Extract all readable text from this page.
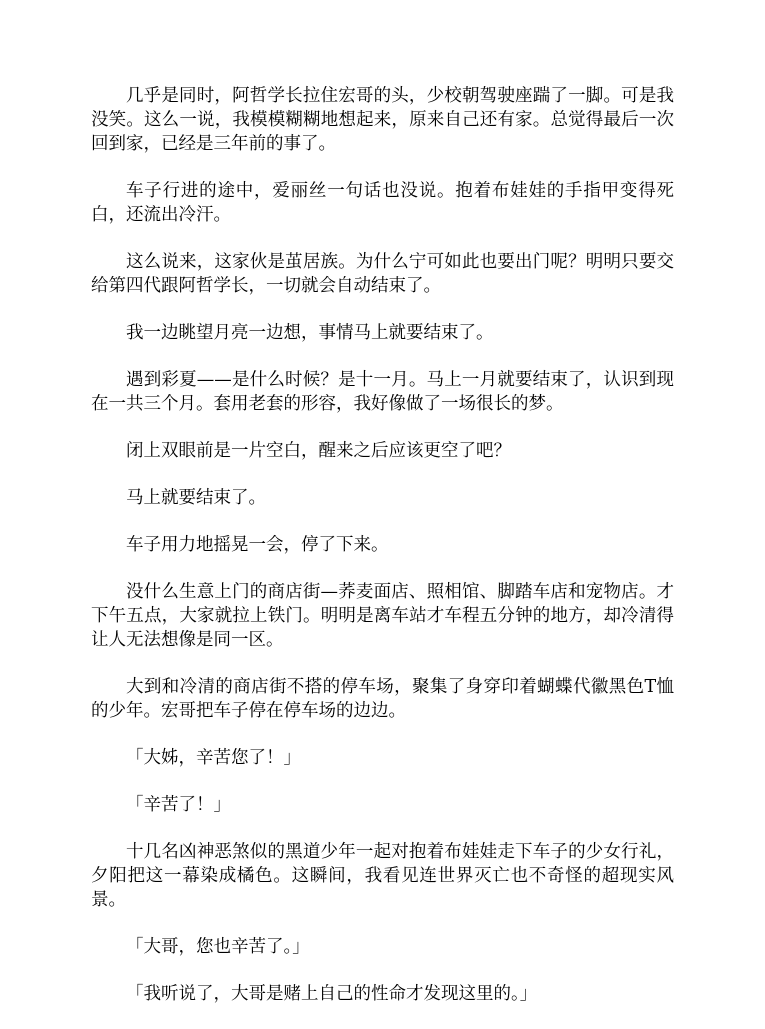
几乎是同时，阿哲学长拉住宏哥的头，少校朝驾驶座踹了一脚。可是我没笑。这么一说，我模模糊糊地想起来，原来自己还有家。总觉得最后一次回到家，已经是三年前的事了。

车子行进的途中，爱丽丝一句话也没说。抱着布娃娃的手指甲变得死白，还流出冷汗。

这么说来，这家伙是茧居族。为什么宁可如此也要出门呢？明明只要交给第四代跟阿哲学长，一切就会自动结束了。

我一边眺望月亮一边想，事情马上就要结束了。

遇到彩夏——是什么时候？是十一月。马上一月就要结束了，认识到现在一共三个月。套用老套的形容，我好像做了一场很长的梦。

闭上双眼前是一片空白，醒来之后应该更空了吧？

马上就要结束了。

车子用力地摇晃一会，停了下来。

没什么生意上门的商店街—荞麦面店、照相馆、脚踏车店和宠物店。才下午五点，大家就拉上铁门。明明是离车站才车程五分钟的地方，却冷清得让人无法想像是同一区。

大到和冷清的商店街不搭的停车场，聚集了身穿印着蝴蝶代徽黑色T恤的少年。宏哥把车子停在停车场的边边。

「大姊，辛苦您了！」

「辛苦了！」

十几名凶神恶煞似的黑道少年一起对抱着布娃娃走下车子的少女行礼，夕阳把这一幕染成橘色。这瞬间，我看见连世界灭亡也不奇怪的超现实风景。

「大哥，您也辛苦了。」

「我听说了，大哥是赌上自己的性命才发现这里的。」
